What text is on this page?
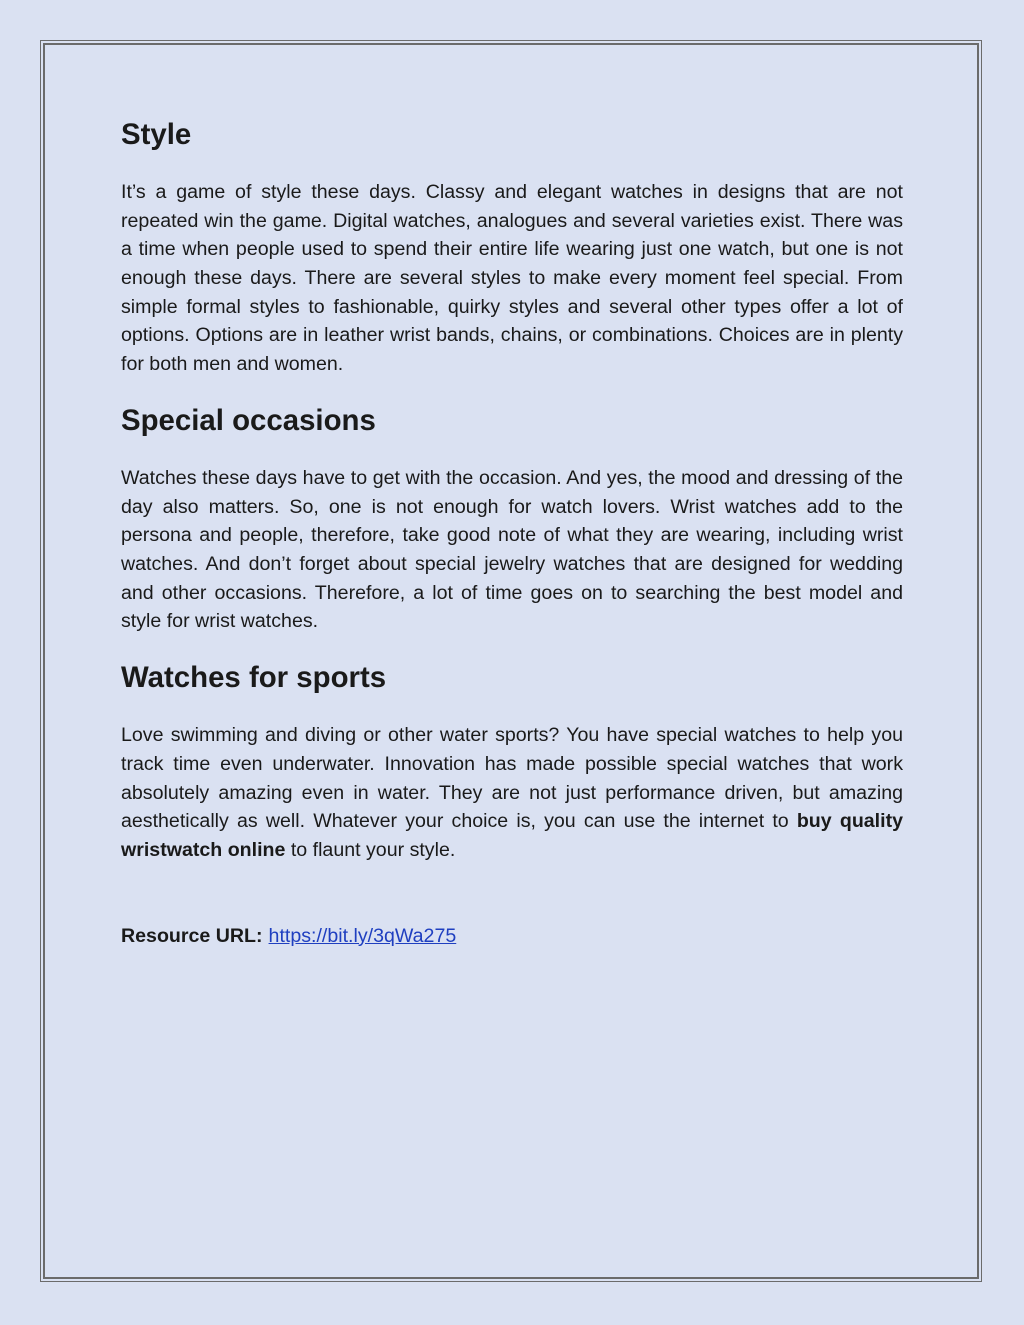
Style

It’s a game of style these days. Classy and elegant watches in designs that are not repeated win the game. Digital watches, analogues and several varieties exist. There was a time when people used to spend their entire life wearing just one watch, but one is not enough these days. There are several styles to make every moment feel special. From simple formal styles to fashionable, quirky styles and several other types offer a lot of options. Options are in leather wrist bands, chains, or combinations. Choices are in plenty for both men and women.

Special occasions

Watches these days have to get with the occasion. And yes, the mood and dressing of the day also matters. So, one is not enough for watch lovers. Wrist watches add to the persona and people, therefore, take good note of what they are wearing, including wrist watches. And don’t forget about special jewelry watches that are designed for wedding and other occasions. Therefore, a lot of time goes on to searching the best model and style for wrist watches.

Watches for sports

Love swimming and diving or other water sports? You have special watches to help you track time even underwater. Innovation has made possible special watches that work absolutely amazing even in water. They are not just performance driven, but amazing aesthetically as well. Whatever your choice is, you can use the internet to buy quality wristwatch online to flaunt your style.

Resource URL: https://bit.ly/3qWa275
